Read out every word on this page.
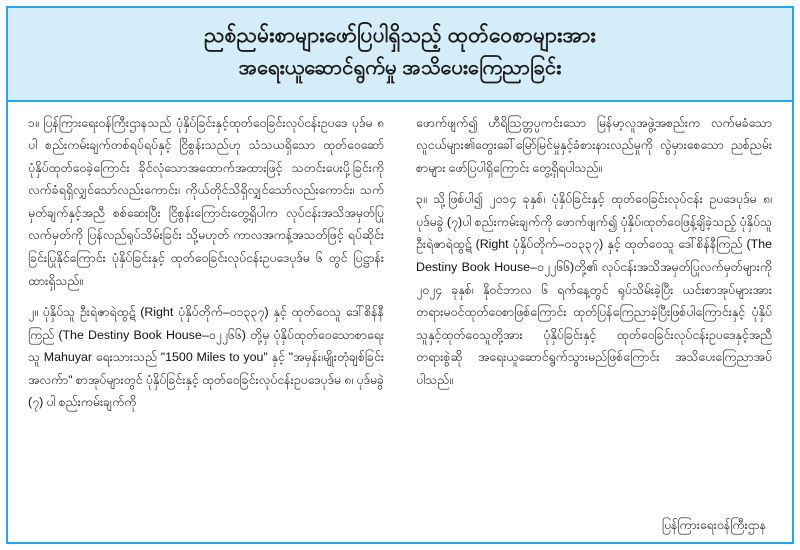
ညစ်ညမ်းစာများဖော်ပြပါရှိသည့် ထုတ်ဝေစာများအား
အရေးယူဆောင်ရွက်မှု အသိပေးကြေညာခြင်း

၁။ ပြန်ကြားရေးဝန်ကြီးဌာနသည် ပုံနှိပ်ခြင်းနှင့်ထုတ်ဝေခြင်းလုပ်ငန်းဥပဒေ ပုဒ်မ ၈ ပါ စည်းကမ်းချက်တစ်ရပ်ရပ်နှင့် ငြိစွန်းသည်ဟု သံသယရှိသော ထုတ်ဝေဆော်ပုံနှိပ်ထုတ်ဝေခဲ့ကြောင်း ခိုင်လုံသောအထောက်အထားဖြင့် သတင်းပေးပို့ခြင်းကို လက်ခံရရှိလျှင်သော်လည်းကောင်း၊ ကိုယ်တိုင်သိရှိလျှင်သော်လည်းကောင်း၊ သက်မှတ်ချက်နှင့်အညီ စစ်ဆေးပြီး ငြိစွန်းကြောင်းတွေ့ရှိပါက လုပ်ငန်းအသိအမှတ်ပြုလက်မှတ်ကို ပြန်လည်ရုပ်သိမ်းခြင်း သို့မဟုတ် ကာလအကန့်အသတ်ဖြင့် ရပ်ဆိုင်းခြင်းပြုနိုင်ကြောင်း ပုံနှိပ်ခြင်းနှင့် ထုတ်ဝေခြင်းလုပ်ငန်းဥပဒေပုဒ်မ ၆ တွင် ပြဋ္ဌာန်းထားရှိသည်။

၂။ ပုံနှိပ်သူ ဦးရဲဇာရဲထွဋ် (Right ပုံနှိပ်တိုက်–၀၁၃၃၇) နှင့် ထုတ်ဝေသူ ဒေါ်စိန်နီကြည် (The Destiny Book House–၀၂၂၆၆) တို့မှ ပုံနှိပ်ထုတ်ဝေသောစာရေးသူ Mahuyar ရေးသားသည် "1500 Miles to you" နှင့် "အမှန်း၊မျိုးတုံချစ်ခြင်းအလက်ာ" စာအုပ်များတွင် ပုံနှိပ်ခြင်းနှင့် ထုတ်ဝေခြင်းလုပ်ငန်းဥပဒေပုဒ်မ ၈၊ ပုဒ်မခွဲ (၇) ပါ စည်းကမ်းချက်ကို

ဖောက်ဖျက်၍ ဟီရိဩတ္တပ္ပကင်းသော မြန်မာ့လူအဖွဲ့အစည်းက လက်မခံသော လူငယ်များ၏တွေးခေါ်မြော်မြင်မှုနှင့်ခံစားနားလည်မှုကို လွဲမှားစေသော ညစ်ညမ်းစာများ ဖော်ပြပါရှိကြောင်း တွေ့ရှိရပါသည်။

၃။ သို့ဖြစ်ပါ၍ ၂၀၁၄ ခုနှစ်၊ ပုံနှိပ်ခြင်းနှင့် ထုတ်ဝေခြင်းလုပ်ငန်း ဥပဒေပုဒ်မ ၈၊ ပုဒ်မခွဲ (၇)ပါ စည်းကမ်းချက်ကို ဖောက်ဖျက်၍ ပုံနှိပ်၊ထုတ်ဝေဖြန့်ချိခဲ့သည့် ပုံနှိပ်သူ ဦးရဲဇာရဲထွဋ် (Right ပုံနှိပ်တိုက်–၀၁၃၃၇) နှင့် ထုတ်ဝေသူ ဒေါ်စိန်နီကြည် (The Destiny Book House–၀၂၂၆၆)တို့၏ လုပ်ငန်းအသိအမှတ်ပြုလက်မှတ်များကို ၂၀၂၄ ခုနှစ်၊ နိုဝင်ဘာလ ၆ ရက်နေ့တွင် ရုပ်သိမ်းခဲ့ပြီး ယင်းစာအုပ်များအား တရားမဝင်ထုတ်ဝေစာဖြစ်ကြောင်း ထုတ်ပြန်ကြေညာခဲ့ပြီးဖြစ်ပါကြောင်းနှင့် ပုံနှိပ်သူနှင့်ထုတ်ဝေသူတို့အား ပုံနှိပ်ခြင်းနှင့် ထုတ်ဝေခြင်းလုပ်ငန်းဥပဒေနှင့်အညီ တရားစွဲဆို အရေးယူဆောင်ရွက်သွားမည်ဖြစ်ကြောင်း အသိပေးကြေညာအပ်ပါသည်။

ပြန်ကြားရေးဝန်ကြီးဌာန
